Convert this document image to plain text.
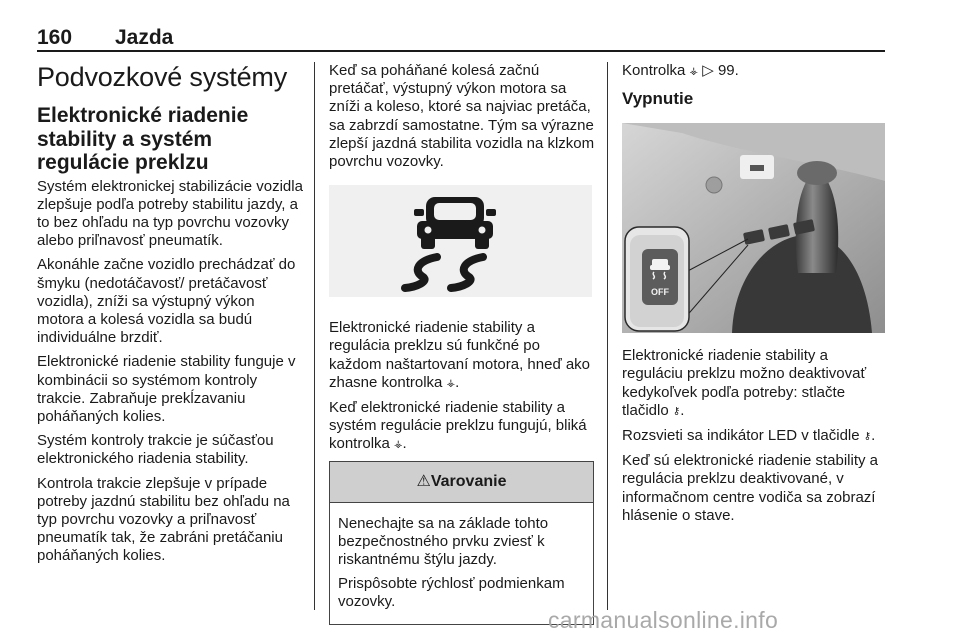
160 Jazda
Podvozkové systémy
Elektronické riadenie stability a systém regulácie preklzu

Systém elektronickej stabilizácie vozidla zlepšuje podľa potreby stabilitu jazdy, a to bez ohľadu na typ povrchu vozovky alebo priľnavosť pneumatík.

Akonáhle začne vozidlo prechádzať do šmyku (nedotáčavosť/ pretáčavosť vozidla), zníži sa výstupný výkon motora a kolesá vozidla sa budú individuálne brzdiť.

Elektronické riadenie stability funguje v kombinácii so systémom kontroly trakcie. Zabraňuje prekĺzavaniu poháňaných kolies.

Systém kontroly trakcie je súčasťou elektronického riadenia stability.

Kontrola trakcie zlepšuje v prípade potreby jazdnú stabilitu bez ohľadu na typ povrchu vozovky a priľnavosť pneumatík tak, že zabráni pretáčaniu poháňaných kolies.

Keď sa poháňané kolesá začnú pretáčať, výstupný výkon motora sa zníži a koleso, ktoré sa najviac pretáča, sa zabrzdí samostatne. Tým sa výrazne zlepší jazdná stabilita vozidla na klzkom povrchu vozovky.

Elektronické riadenie stability a regulácia preklzu sú funkčné po každom naštartovaní motora, hneď ako zhasne kontrolka ⚶.

Keď elektronické riadenie stability a systém regulácie preklzu fungujú, bliká kontrolka ⚶.

⚠Varovanie

Nenechajte sa na základe tohto bezpečnostného prvku zviesť k riskantnému štýlu jazdy.

Prispôsobte rýchlosť podmienkam vozovky.

Kontrolka ⚶ ▷ 99.

Vypnutie
OFF

Elektronické riadenie stability a reguláciu preklzu možno deaktivovať kedykoľvek podľa potreby: stlačte tlačidlo ⚷.

Rozsvieti sa indikátor LED v tlačidle ⚷.

Keď sú elektronické riadenie stability a regulácia preklzu deaktivované, v informačnom centre vodiča sa zobrazí hlásenie o stave.

carmanualsonline.info
